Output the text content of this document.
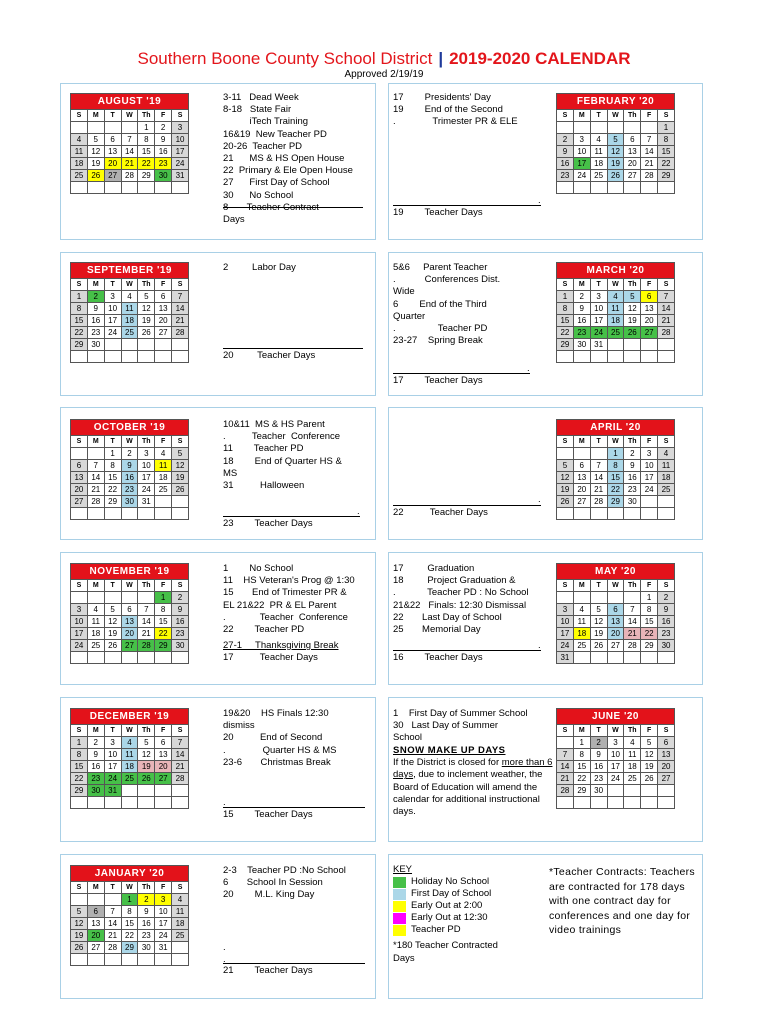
Southern Boone County School District | 2019-2020 CALENDAR
Approved 2/19/19
AUGUST '19						
S	M	T	W	Th	F	S
				1	2	3
4	5	6	7	8	9	10
11	12	13	14	15	16	17
18	19	20	21	22	23	24
25	26	27	28	29	30	31

FEBRUARY '20						
S	M	T	W	Th	F	S
						1
2	3	4	5	6	7	8
9	10	11	12	13	14	15
16	17	18	19	20	21	22
23	24	25	26	27	28	29

SEPTEMBER '19						
S	M	T	W	Th	F	S
1	2	3	4	5	6	7
8	9	10	11	12	13	14
15	16	17	18	19	20	21
22	23	24	25	26	27	28
29	30					

MARCH '20						
S	M	T	W	Th	F	S
1	2	3	4	5	6	7
8	9	10	11	12	13	14
15	16	17	18	19	20	21
22	23	24	25	26	27	28
29	30	31				

OCTOBER '19						
S	M	T	W	Th	F	S
		1	2	3	4	5
6	7	8	9	10	11	12
13	14	15	16	17	18	19
20	21	22	23	24	25	26
27	28	29	30	31		

APRIL '20						
S	M	T	W	Th	F	S
			1	2	3	4
5	6	7	8	9	10	11
12	13	14	15	16	17	18
19	20	21	22	23	24	25
26	27	28	29	30		

NOVEMBER '19						
S	M	T	W	Th	F	S
					1	2
3	4	5	6	7	8	9
10	11	12	13	14	15	16
17	18	19	20	21	22	23
24	25	26	27	28	29	30

MAY '20						
S	M	T	W	Th	F	S
					1	2
3	4	5	6	7	8	9
10	11	12	13	14	15	16
17	18	19	20	21	22	23
24	25	26	27	28	29	30
31						
DECEMBER '19						
S	M	T	W	Th	F	S
1	2	3	4	5	6	7
8	9	10	11	12	13	14
15	16	17	18	19	20	21
22	23	24	25	26	27	28
29	30	31				

JUNE '20						
S	M	T	W	Th	F	S
	1	2	3	4	5	6
7	8	9	10	11	12	13
14	15	16	17	18	19	20
21	22	23	24	25	26	27
28	29	30				

JANUARY '20						
S	M	T	W	Th	F	S
			1	2	3	4
5	6	7	8	9	10	11
12	13	14	15	16	17	18
19	20	21	22	23	24	25
26	27	28	29	30	31	

3-11   Dead Week
8-18   State Fair
iTech Training
16&19  New Teacher PD
20-26  Teacher PD
21      MS & HS Open House
22  Primary & Ele Open House
27      First Day of School
30      No School
8       Teacher Contract
Days
17        Presidents' Day
19        End of the Second
.              Trimester PR & ELE
.
19        Teacher Days
2         Labor Day
20         Teacher Days
5&6     Parent Teacher
.           Conferences Dist.
Wide
6        End of the Third
Quarter
.                Teacher PD
23-27    Spring Break
.
17        Teacher Days
10&11  MS & HS Parent
.          Teacher  Conference
11        Teacher PD
18        End of Quarter HS &
MS
31          Halloween
.
23        Teacher Days
.
22          Teacher Days
1        No School
11    HS Veteran's Prog @ 1:30
15       End of Trimester PR &
EL 21&22  PR & EL Parent
.             Teacher  Conference
22        Teacher PD
27-1     Thanksgiving Break
17          Teacher Days
17         Graduation
18         Project Graduation &
.            Teacher PD : No School
21&22   Finals: 12:30 Dismissal
22       Last Day of School
25       Memorial Day
.
16        Teacher Days
19&20    HS Finals 12:30
dismiss
20          End of Second
.              Quarter HS & MS
23-6       Christmas Break
.
15        Teacher Days
1    First Day of Summer School
30   Last Day of Summer
School
SNOW MAKE UP DAYS
If the District is closed for more than 6 days, due to inclement weather, the Board of Education will amend the calendar for additional instructional days.
2-3    Teacher PD :No School
6       School In Session
20        M.L. King Day
.
.
21        Teacher Days
KEY
Holiday No School
First Day of School
Early Out at 2:00
Early Out at 12:30
Teacher PD
*180 Teacher Contracted
Days
*Teacher Contracts: Teachers are contracted for 178 days with one contract day for conferences and one day for video trainings
